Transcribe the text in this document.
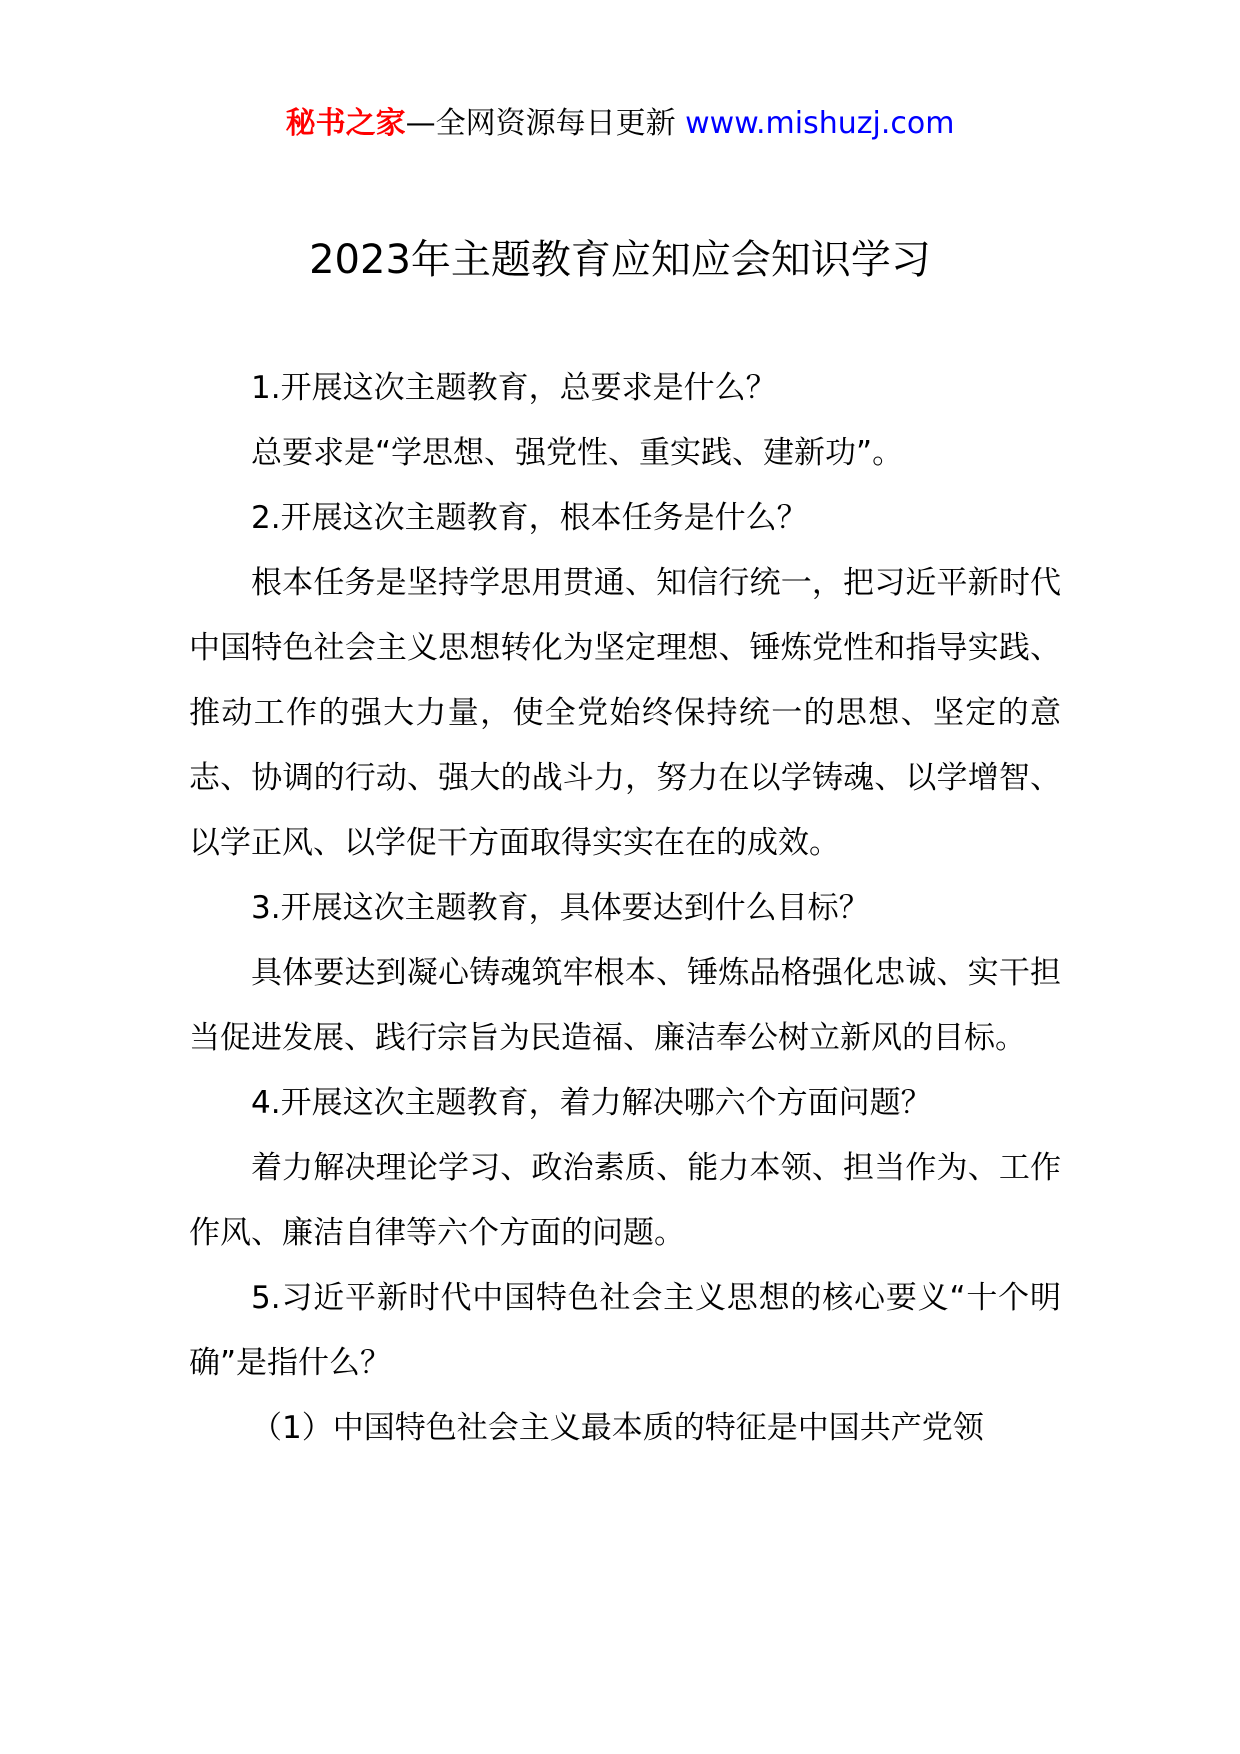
秘书之家—全网资源每日更新 www.mishuzj.com
2023年主题教育应知应会知识学习

1.开展这次主题教育，总要求是什么？

总要求是“学思想、强党性、重实践、建新功”。

2.开展这次主题教育，根本任务是什么？

根本任务是坚持学思用贯通、知信行统一，把习近平新时代中国特色社会主义思想转化为坚定理想、锤炼党性和指导实践、推动工作的强大力量，使全党始终保持统一的思想、坚定的意志、协调的行动、强大的战斗力，努力在以学铸魂、以学增智、以学正风、以学促干方面取得实实在在的成效。

3.开展这次主题教育，具体要达到什么目标？

具体要达到凝心铸魂筑牢根本、锤炼品格强化忠诚、实干担当促进发展、践行宗旨为民造福、廉洁奉公树立新风的目标。

4.开展这次主题教育，着力解决哪六个方面问题？

着力解决理论学习、政治素质、能力本领、担当作为、工作作风、廉洁自律等六个方面的问题。

5.习近平新时代中国特色社会主义思想的核心要义“十个明确”是指什么？

（1）中国特色社会主义最本质的特征是中国共产党领
